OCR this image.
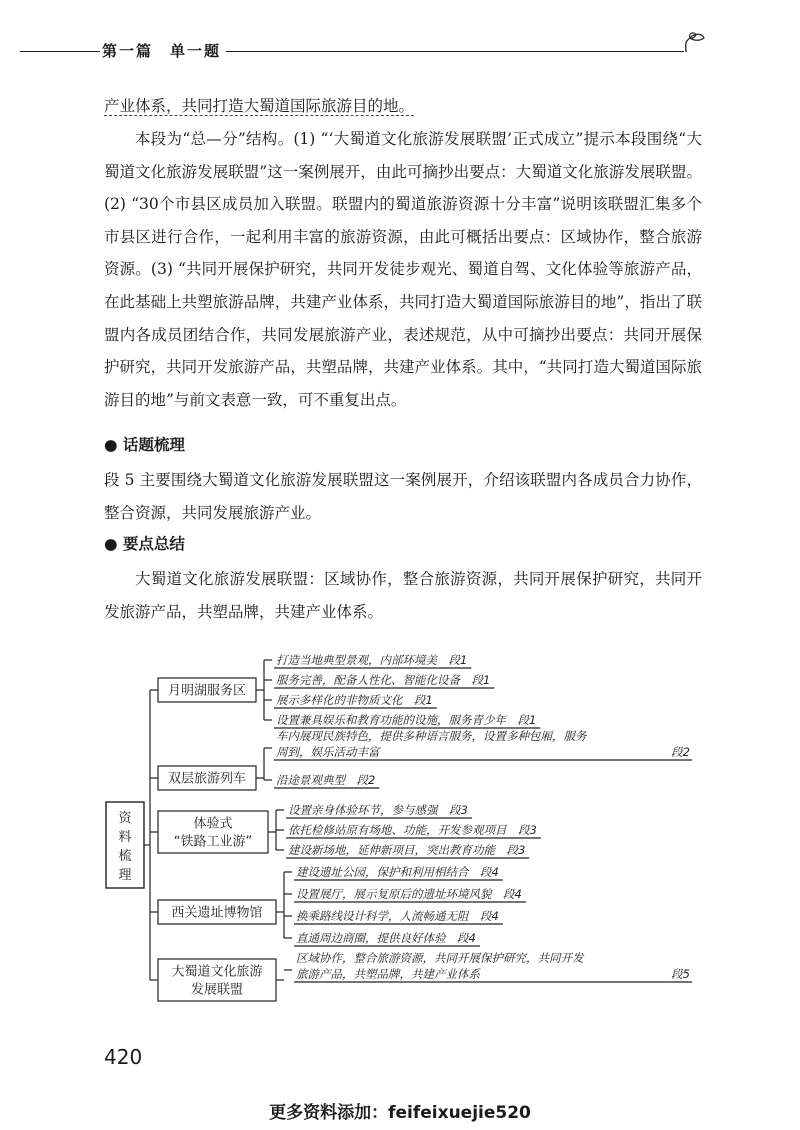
第一篇　单一题
产业体系，共同打造大蜀道国际旅游目的地。
本段为“总—分”结构。(1) “‘大蜀道文化旅游发展联盟’正式成立”提示本段围绕“大蜀道文化旅游发展联盟”这一案例展开，由此可摘抄出要点：大蜀道文化旅游发展联盟。(2) “30个市县区成员加入联盟。联盟内的蜀道旅游资源十分丰富”说明该联盟汇集多个市县区进行合作，一起利用丰富的旅游资源，由此可概括出要点：区域协作，整合旅游资源。(3) “共同开展保护研究，共同开发徒步观光、蜀道自驾、文化体验等旅游产品，在此基础上共塑旅游品牌，共建产业体系，共同打造大蜀道国际旅游目的地”，指出了联盟内各成员团结合作，共同发展旅游产业，表述规范，从中可摘抄出要点：共同开展保护研究，共同开发旅游产品，共塑品牌，共建产业体系。其中，“共同打造大蜀道国际旅游目的地”与前文表意一致，可不重复出点。
● 话题梳理
段 5 主要围绕大蜀道文化旅游发展联盟这一案例展开，介绍该联盟内各成员合力协作，整合资源，共同发展旅游产业。
● 要点总结
大蜀道文化旅游发展联盟：区域协作，整合旅游资源，共同开展保护研究，共同开发旅游产品，共塑品牌，共建产业体系。
资
料
梳
理
月明湖服务区
打造当地典型景观，内部环境美　段1
服务完善，配备人性化、智能化设备　段1
展示多样化的非物质文化　段1
设置兼具娱乐和教育功能的设施，服务青少年　段1
双层旅游列车
车内展现民族特色，提供多种语言服务，设置多种包厢，服务
周到，娱乐活动丰富	段2
沿途景观典型　段2
体验式
“铁路工业游”
设置亲身体验环节，参与感强　段3
依托检修站原有场地、功能，开发参观项目　段3
建设新场地，延伸新项目，突出教育功能　段3
西关遗址博物馆
建设遗址公园，保护和利用相结合　段4
设置展厅，展示复原后的遗址环境风貌　段4
换乘路线设计科学，人流畅通无阻　段4
直通周边商圈，提供良好体验　段4
大蜀道文化旅游
发展联盟
区域协作，整合旅游资源，共同开展保护研究，共同开发
旅游产品，共塑品牌，共建产业体系	段5
420
更多资料添加：feifeixuejie520
